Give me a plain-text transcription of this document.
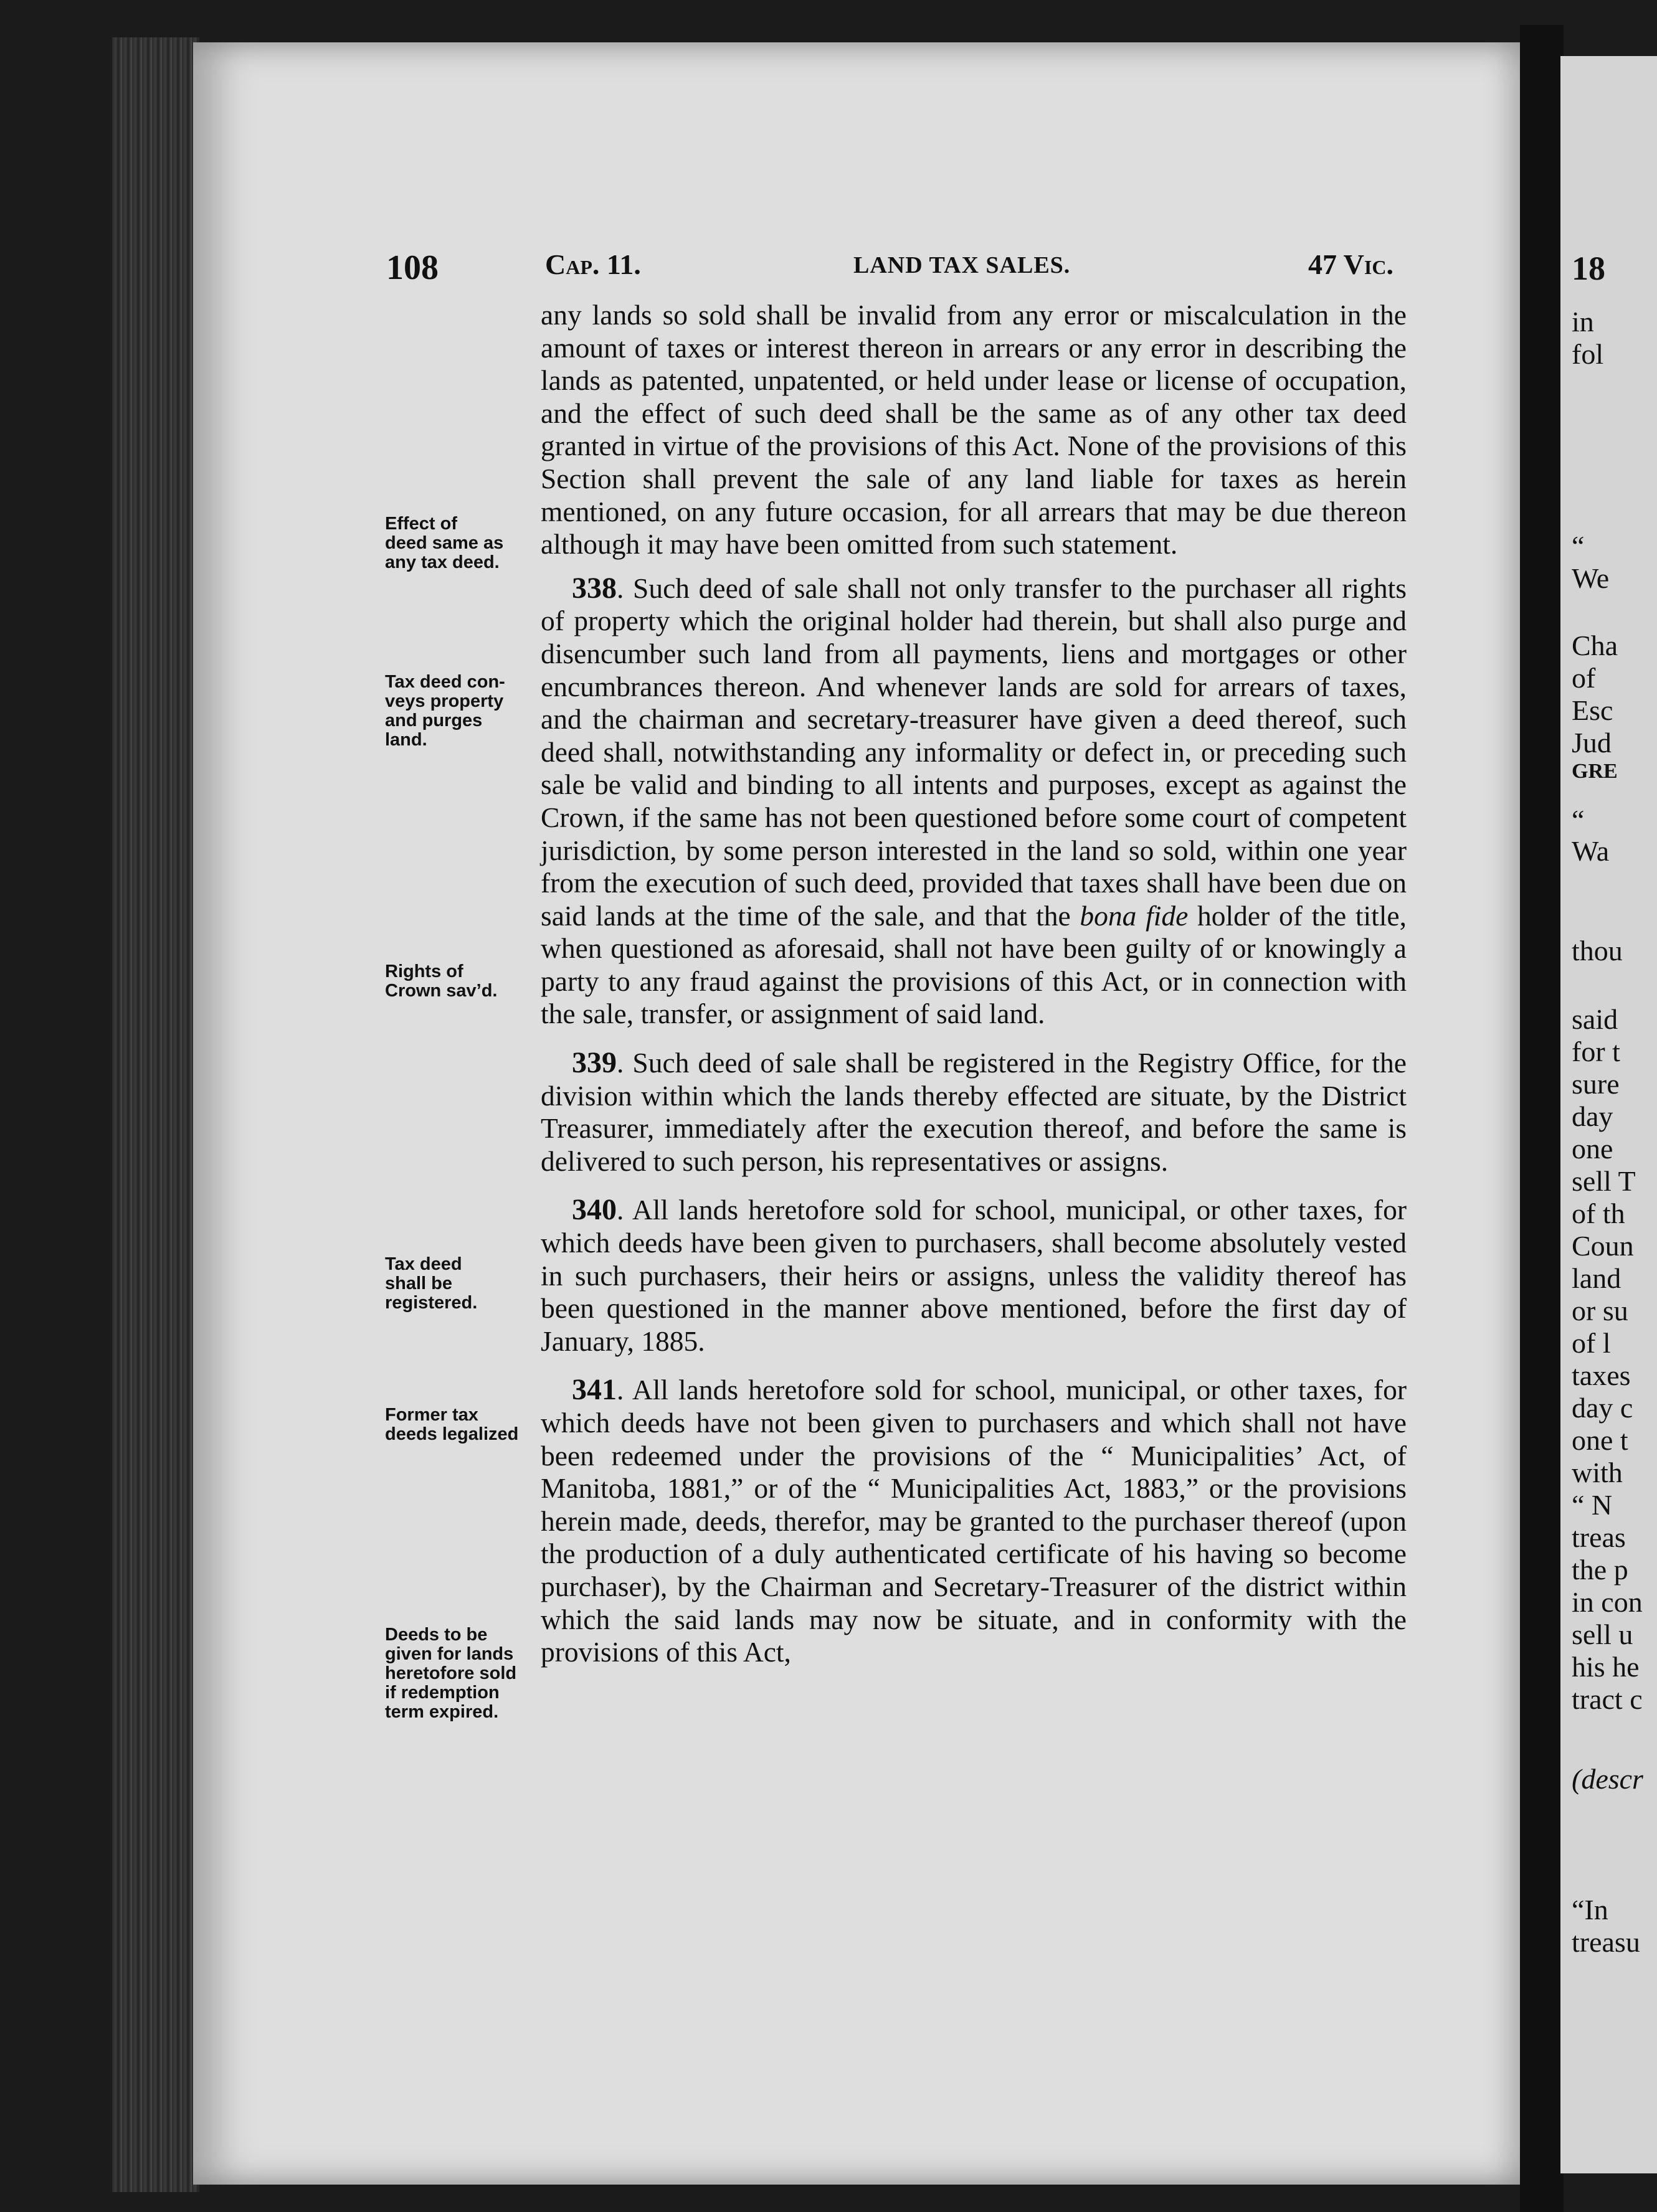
18
in
fol
“
We
Cha
of
Esc
Jud
GRE
“
Wa
thou
said
for t
sure
day
one
sell T
of th
Coun
land
or su
of l
taxes
day c
one t
with
“ N
treas
the p
in con
sell u
his he
tract c
(descr
“In
treasu
108	Cap. 11.	LAND TAX SALES.	47 Vic.
Effect of
deed same as
any tax deed.
Tax deed con-
veys property
and purges
land.
Rights of
Crown sav’d.
Tax deed
shall be
registered.
Former tax
deeds legalized
Deeds to be
given for lands
heretofore sold
if redemption
term expired.

any lands so sold shall be invalid from any error or miscalculation in the amount of taxes or interest thereon in arrears or any error in describing the lands as patented, unpatented, or held under lease or license of occupation, and the effect of such deed shall be the same as of any other tax deed granted in virtue of the provisions of this Act. None of the provisions of this Section shall prevent the sale of any land liable for taxes as herein mentioned, on any future occasion, for all arrears that may be due thereon although it may have been omitted from such statement.

338. Such deed of sale shall not only transfer to the purchaser all rights of property which the original holder had therein, but shall also purge and disencumber such land from all payments, liens and mortgages or other encumbrances thereon. And whenever lands are sold for arrears of taxes, and the chairman and secretary-treasurer have given a deed thereof, such deed shall, notwithstanding any informality or defect in, or preceding such sale be valid and binding to all intents and purposes, except as against the Crown, if the same has not been questioned before some court of competent jurisdiction, by some person interested in the land so sold, within one year from the execution of such deed, provided that taxes shall have been due on said lands at the time of the sale, and that the bona fide holder of the title, when questioned as aforesaid, shall not have been guilty of or knowingly a party to any fraud against the provisions of this Act, or in connection with the sale, transfer, or assignment of said land.

339. Such deed of sale shall be registered in the Registry Office, for the division within which the lands thereby effected are situate, by the District Treasurer, immediately after the execution thereof, and before the same is delivered to such person, his representatives or assigns.

340. All lands heretofore sold for school, municipal, or other taxes, for which deeds have been given to purchasers, shall become absolutely vested in such purchasers, their heirs or assigns, unless the validity thereof has been questioned in the manner above mentioned, before the first day of January, 1885.

341. All lands heretofore sold for school, municipal, or other taxes, for which deeds have not been given to purchasers and which shall not have been redeemed under the provisions of the “ Municipalities’ Act, of Manitoba, 1881,” or of the “ Municipalities Act, 1883,” or the provisions herein made, deeds, therefor, may be granted to the purchaser thereof (upon the production of a duly authenticated certificate of his having so become purchaser), by the Chairman and Secretary-Treasurer of the district within which the said lands may now be situate, and in conformity with the provisions of this Act,
